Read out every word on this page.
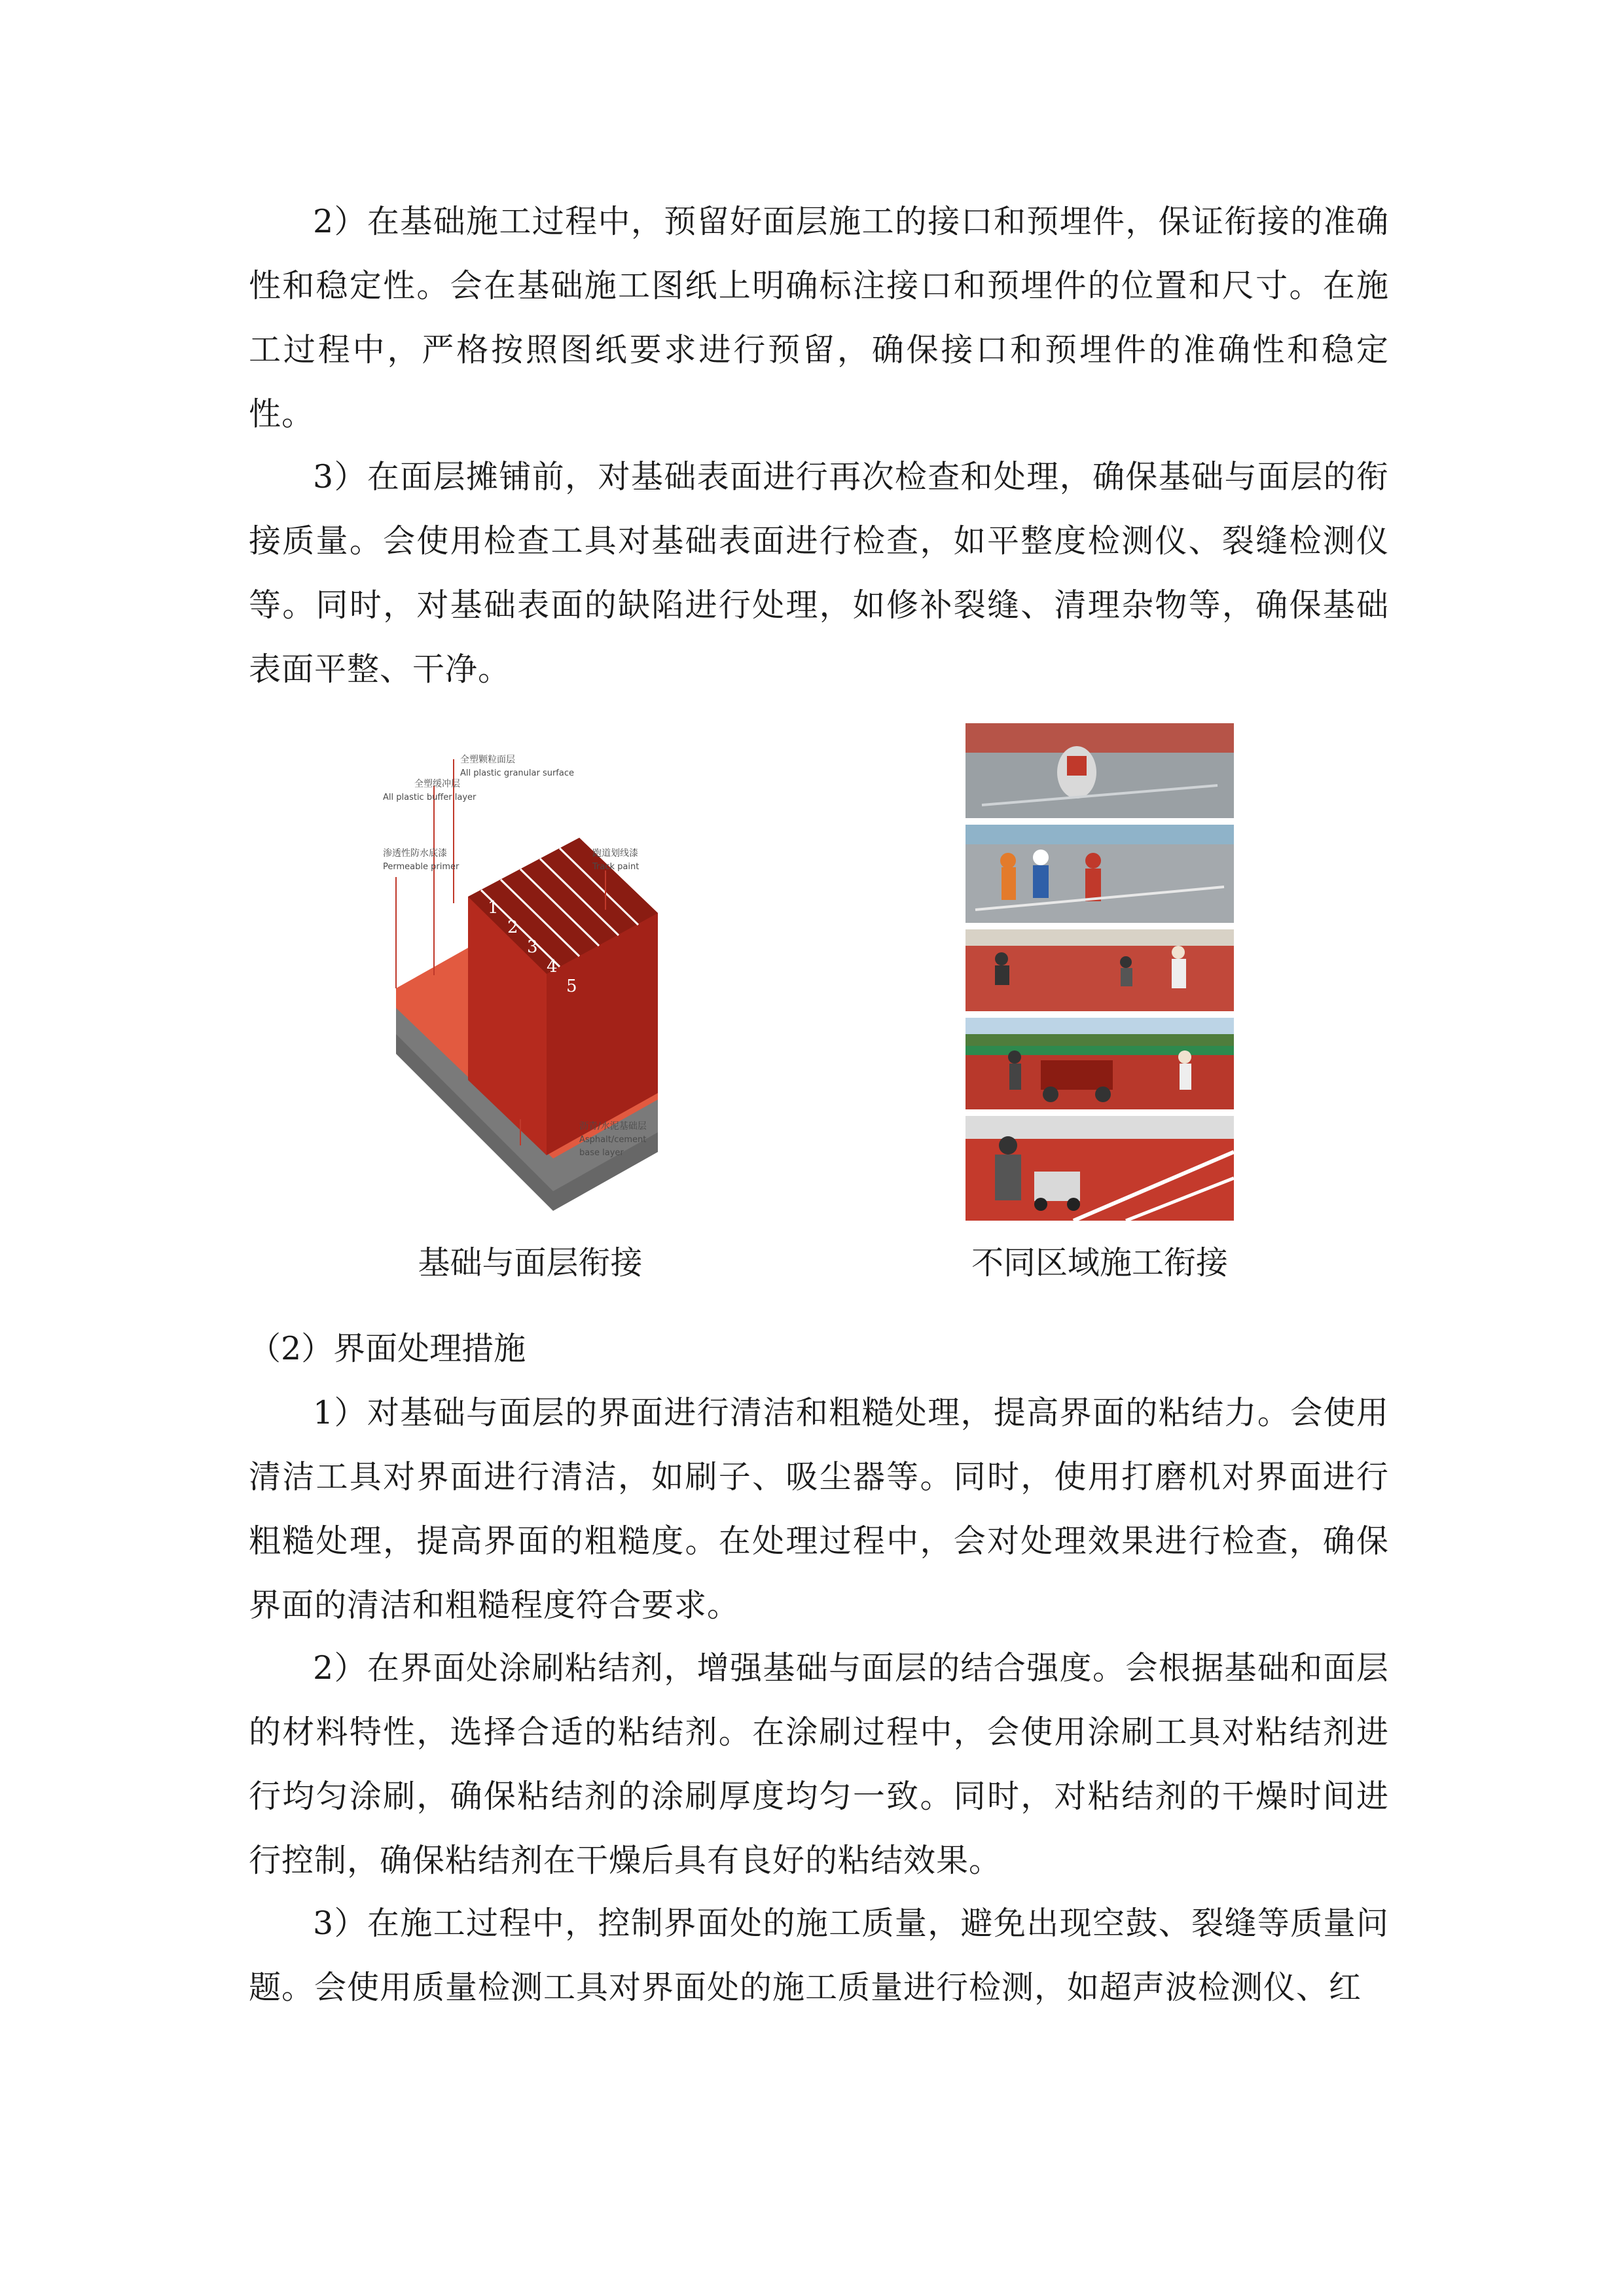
2）在基础施工过程中，预留好面层施工的接口和预埋件，保证衔接的准确性和稳定性。会在基础施工图纸上明确标注接口和预埋件的位置和尺寸。在施工过程中，严格按照图纸要求进行预留，确保接口和预埋件的准确性和稳定性。

3）在面层摊铺前，对基础表面进行再次检查和处理，确保基础与面层的衔接质量。会使用检查工具对基础表面进行检查，如平整度检测仪、裂缝检测仪等。同时，对基础表面的缺陷进行处理，如修补裂缝、清理杂物等，确保基础表面平整、干净。

1
2
3
4
5
全塑缓冲层
All plastic buffer layer
全塑颗粒面层
All plastic granular surface
渗透性防水底漆
Permeable primer
跑道划线漆
Track paint
沥青/水泥基础层
Asphalt/cement
base layer

基础与面层衔接	不同区域施工衔接

（2）界面处理措施

1）对基础与面层的界面进行清洁和粗糙处理，提高界面的粘结力。会使用清洁工具对界面进行清洁，如刷子、吸尘器等。同时，使用打磨机对界面进行粗糙处理，提高界面的粗糙度。在处理过程中，会对处理效果进行检查，确保界面的清洁和粗糙程度符合要求。

2）在界面处涂刷粘结剂，增强基础与面层的结合强度。会根据基础和面层的材料特性，选择合适的粘结剂。在涂刷过程中，会使用涂刷工具对粘结剂进行均匀涂刷，确保粘结剂的涂刷厚度均匀一致。同时，对粘结剂的干燥时间进行控制，确保粘结剂在干燥后具有良好的粘结效果。

3）在施工过程中，控制界面处的施工质量，避免出现空鼓、裂缝等质量问题。会使用质量检测工具对界面处的施工质量进行检测，如超声波检测仪、红
